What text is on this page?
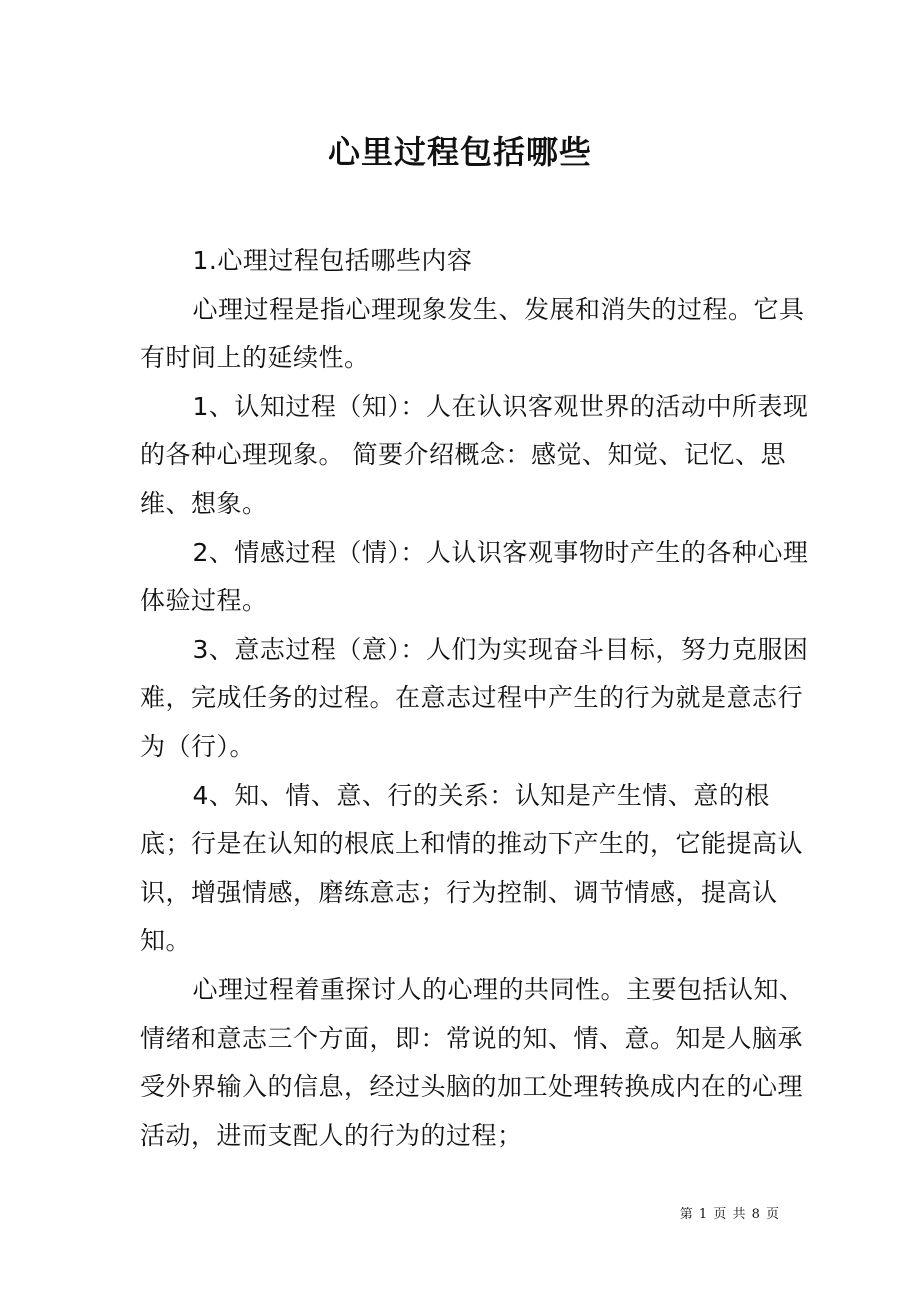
心里过程包括哪些

1.心理过程包括哪些内容

心理过程是指心理现象发生、发展和消失的过程。它具有时间上的延续性。

1、认知过程（知）：人在认识客观世界的活动中所表现的各种心理现象。 简要介绍概念：感觉、知觉、记忆、思维、想象。

2、情感过程（情）：人认识客观事物时产生的各种心理体验过程。

3、意志过程（意）：人们为实现奋斗目标，努力克服困难，完成任务的过程。在意志过程中产生的行为就是意志行为（行）。

4、知、情、意、行的关系：认知是产生情、意的根底；行是在认知的根底上和情的推动下产生的，它能提高认识，增强情感，磨练意志；行为控制、调节情感，提高认知。

心理过程着重探讨人的心理的共同性。主要包括认知、情绪和意志三个方面，即：常说的知、情、意。知是人脑承受外界输入的信息，经过头脑的加工处理转换成内在的心理活动，进而支配人的行为的过程；

第 1 页 共 8 页
